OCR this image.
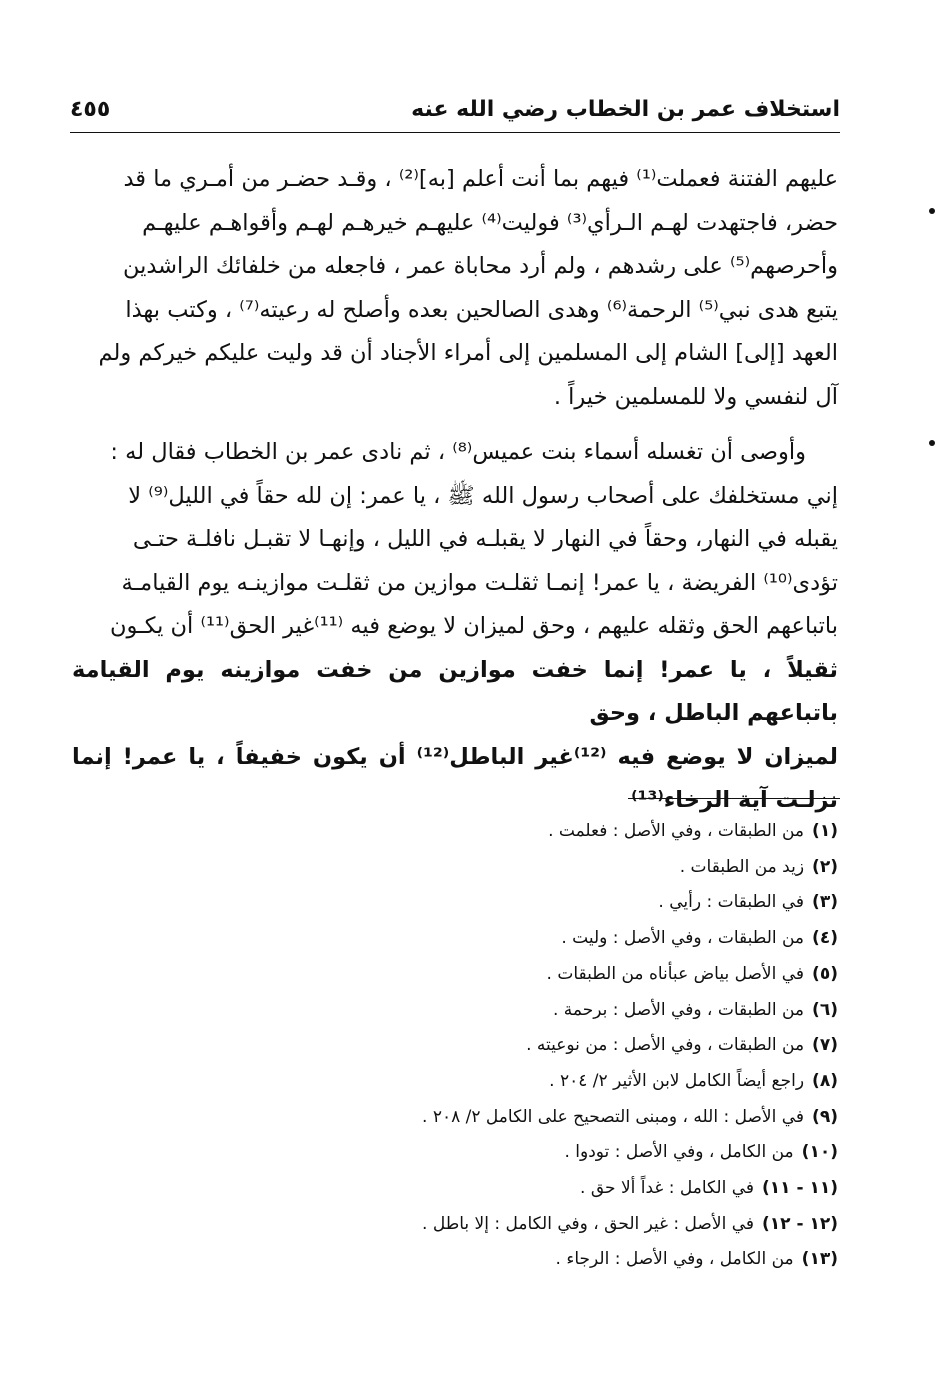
استخلاف عمر بن الخطاب رضي الله عنه
٤٥٥

عليهم الفتنة فعملت⁽¹⁾ فيهم بما أنت أعلم [به]⁽²⁾ ، وقـد حضـر من أمـري ما قد

حضر، فاجتهدت لهـم الـرأي⁽³⁾ فوليت⁽⁴⁾ عليهـم خيرهـم لهـم وأقواهـم عليهـم

وأحرصهم⁽⁵⁾ على رشدهم ، ولم أرد محاباة عمر ، فاجعله من خلفائك الراشدين

يتبع هدى نبي⁽⁵⁾ الرحمة⁽⁶⁾ وهدى الصالحين بعده وأصلح له رعيته⁽⁷⁾ ، وكتب بهذا

العهد [إلى] الشام إلى المسلمين إلى أمراء الأجناد أن قد وليت عليكم خيركم ولم

آل لنفسي ولا للمسلمين خيراً .

وأوصى أن تغسله أسماء بنت عميس⁽⁸⁾ ، ثم نادى عمر بن الخطاب فقال له :

إني مستخلفك على أصحاب رسول الله ﷺ ، يا عمر: إن لله حقاً في الليل⁽⁹⁾ لا

يقبله في النهار، وحقاً في النهار لا يقبلـه في الليل ، وإنهـا لا تقبـل نافلـة حتـى

تؤدى⁽¹⁰⁾ الفريضة ، يا عمر! إنمـا ثقلـت موازين من ثقلـت موازينـه يوم القيامـة

باتباعهم الحق وثقله عليهم ، وحق لميزان لا يوضع فيه ⁽¹¹⁾غير الحق⁽¹¹⁾ أن يكـون

ثقيلاً ، يا عمر! إنما خفت موازين من خفت موازينه يوم القيامة باتباعهم الباطل ، وحق

لميزان لا يوضع فيه ⁽¹²⁾غير الباطل⁽¹²⁾ أن يكون خفيفاً ، يا عمر! إنما نزلـت آية الرخاء⁽¹³⁾

(١)من الطبقات ، وفي الأصل : فعلمت .
(٢)زيد من الطبقات .
(٣)في الطبقات : رأيي .
(٤)من الطبقات ، وفي الأصل : وليت .
(٥)في الأصل بياض عبأناه من الطبقات .
(٦)من الطبقات ، وفي الأصل : برحمة .
(٧)من الطبقات ، وفي الأصل : من نوعيته .
(٨)راجع أيضاً الكامل لابن الأثير ٢/ ٢٠٤ .
(٩)في الأصل : الله ، ومبنى التصحيح على الكامل ٢/ ٢٠٨ .
(١٠)من الكامل ، وفي الأصل : تودوا .
(١١ - ١١)في الكامل : غداً ألا حق .
(١٢ - ١٢)في الأصل : غير الحق ، وفي الكامل : إلا باطل .
(١٣)من الكامل ، وفي الأصل : الرجاء .
